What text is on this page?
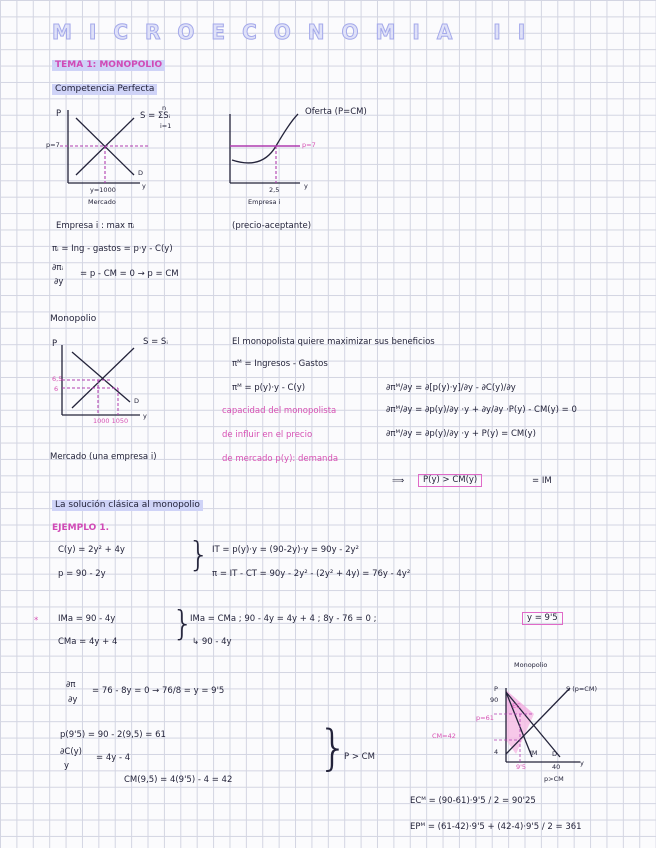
MICROECONOMIA II
TEMA 1: MONOPOLIO
Competencia Perfecta
P	S = ΣSᵢ
n
i=1
Oferta (P=CM)
p=7	p=7
D
y	y
y=1000	2,5
Mercado	Empresa i
Empresa i : max πᵢ	(precio-aceptante)
πᵢ = Ing - gastos = p·y - C(y)
∂πᵢ
∂y
= p - CM = 0 → p = CM
Monopolio
P	S = Sᵢ
6,5
6
D
y
1000 1050
Mercado (una empresa i)
El monopolista quiere maximizar sus beneficios
πᴹ = Ingresos - Gastos
πᴹ = p(y)·y - C(y)	∂πᴹ/∂y = ∂[p(y)·y]/∂y - ∂C(y)/∂y
∂πᴹ/∂y = ∂p(y)/∂y ·y + ∂y/∂y ·P(y) - CM(y) = 0
∂πᴹ/∂y = ∂p(y)/∂y ·y + P(y) = CM(y)
capacidad del monopolista
de influir en el precio
de mercado p(y): demanda
⟹	P(y) > CM(y)	= IM
La solución clásica al monopolio
EJEMPLO 1.
C(y) = 2y² + 4y
p = 90 - 2y } IT = p(y)·y = (90-2y)·y = 90y - 2y²
π = IT - CT = 90y - 2y² - (2y² + 4y) = 76y - 4y²
* IMa = 90 - 4y
CMa = 4y + 4 }
IMa = CMa ; 90 - 4y = 4y + 4 ; 8y - 76 = 0 ;	y = 9'5
↳ 90 - 4y
∂π
∂y
= 76 - 8y = 0 → 76/8 = y = 9'5
p(9'5) = 90 - 2(9,5) = 61
∂C(y)
y
= 4y - 4
CM(9,5) = 4(9'5) - 4 = 42
}
P > CM
Monopolio
P	S (p=CM)
90
p=61
CM=42
4
EC
IM D
y
9'5	40
p>CM
ECᴹ = (90-61)·9'5 / 2 = 90'25
EPᴹ = (61-42)·9'5 + (42-4)·9'5 / 2 = 361
